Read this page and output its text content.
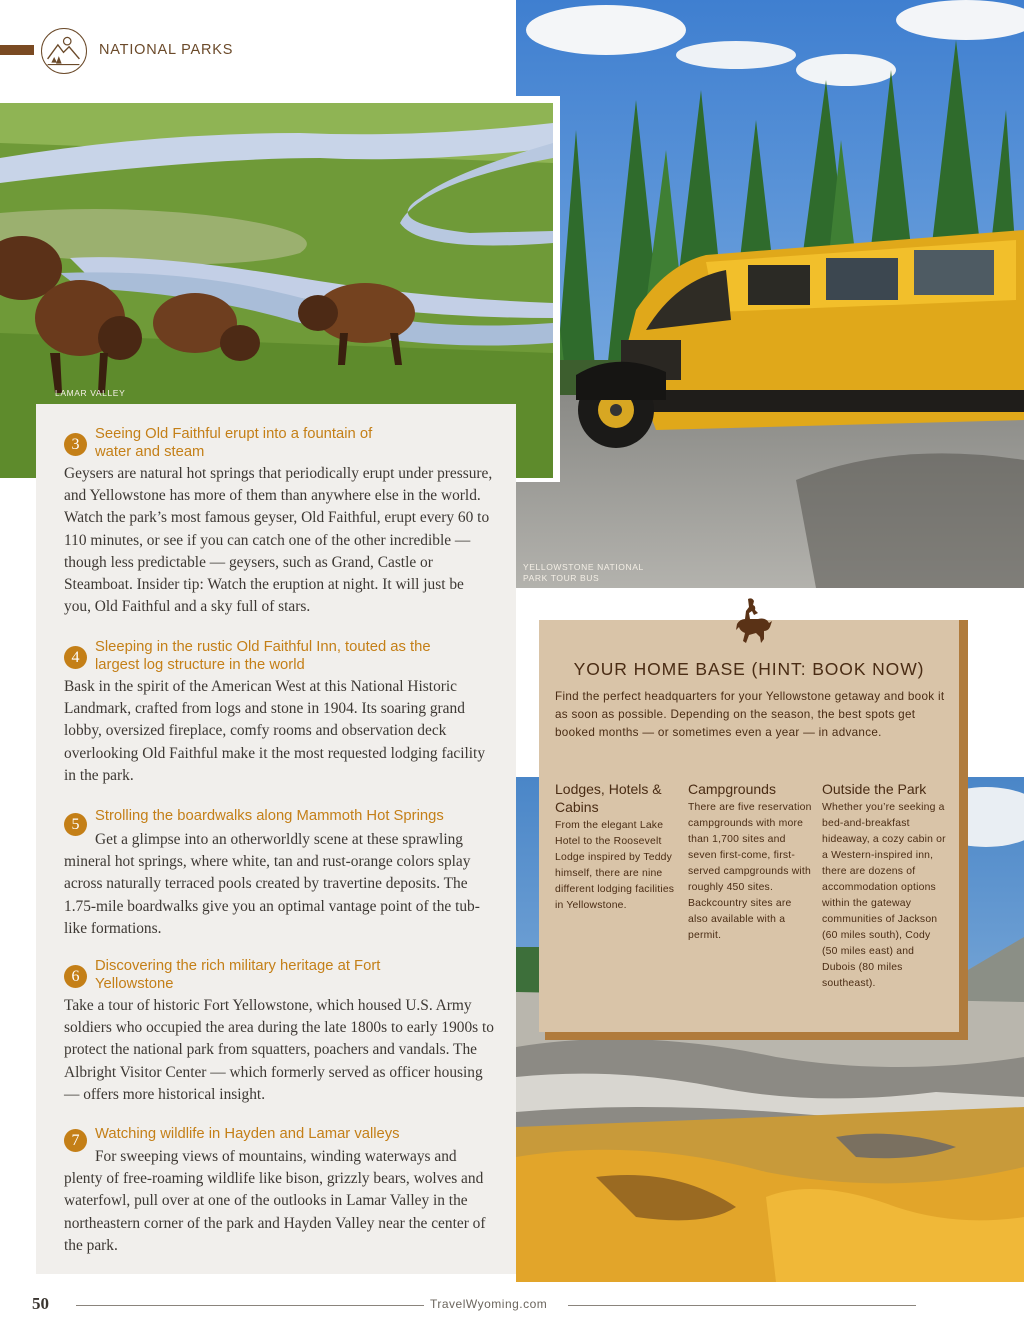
NATIONAL PARKS
YELLOWSTONE NATIONAL PARK TOUR BUS
LAMAR VALLEY
3
Seeing Old Faithful erupt into a fountain of water and steam
Geysers are natural hot springs that periodically erupt under pressure, and Yellowstone has more of them than anywhere else in the world. Watch the park’s most famous geyser, Old Faithful, erupt every 60 to 110 minutes, or see if you can catch one of the other incredible — though less predictable — geysers, such as Grand, Castle or Steamboat. Insider tip: Watch the eruption at night. It will just be you, Old Faithful and a sky full of stars.
4
Sleeping in the rustic Old Faithful Inn, touted as the largest log structure in the world
Bask in the spirit of the American West at this National Historic Landmark, crafted from logs and stone in 1904. Its soaring grand lobby, oversized fireplace, comfy rooms and observation deck overlooking Old Faithful make it the most requested lodging facility in the park.
5	Strolling the boardwalks along Mammoth Hot Springs
Get a glimpse into an otherworldly scene at these sprawling mineral hot springs, where white, tan and rust-orange colors splay across naturally terraced pools created by travertine deposits. The 1.75-mile boardwalks give you an optimal vantage point of the tub-like formations.
6
Discovering the rich military heritage at Fort Yellowstone
Take a tour of historic Fort Yellowstone, which housed U.S. Army soldiers who occupied the area during the late 1800s to early 1900s to protect the national park from squatters, poachers and vandals. The Albright Visitor Center — which formerly served as officer housing — offers more historical insight.
7	Watching wildlife in Hayden and Lamar valleys
For sweeping views of mountains, winding waterways and plenty of free-roaming wildlife like bison, grizzly bears, wolves and waterfowl, pull over at one of the outlooks in Lamar Valley in the northeastern corner of the park and Hayden Valley near the center of the park.
YOUR HOME BASE (HINT: BOOK NOW)
Find the perfect headquarters for your Yellowstone getaway and book it as soon as possible. Depending on the season, the best spots get booked months — or sometimes even a year — in advance.
Lodges, Hotels & Cabins
From the elegant Lake Hotel to the Roosevelt Lodge inspired by Teddy himself, there are nine different lodging facilities in Yellowstone.
Campgrounds
There are five reservation campgrounds with more than 1,700 sites and seven first-come, first-served campgrounds with roughly 450 sites. Backcountry sites are also available with a permit.
Outside the Park
Whether you’re seeking a bed-and-breakfast hideaway, a cozy cabin or a Western-inspired inn, there are dozens of accommodation options within the gateway communities of Jackson (60 miles south), Cody (50 miles east) and Dubois (80 miles southeast).
50	TravelWyoming.com
